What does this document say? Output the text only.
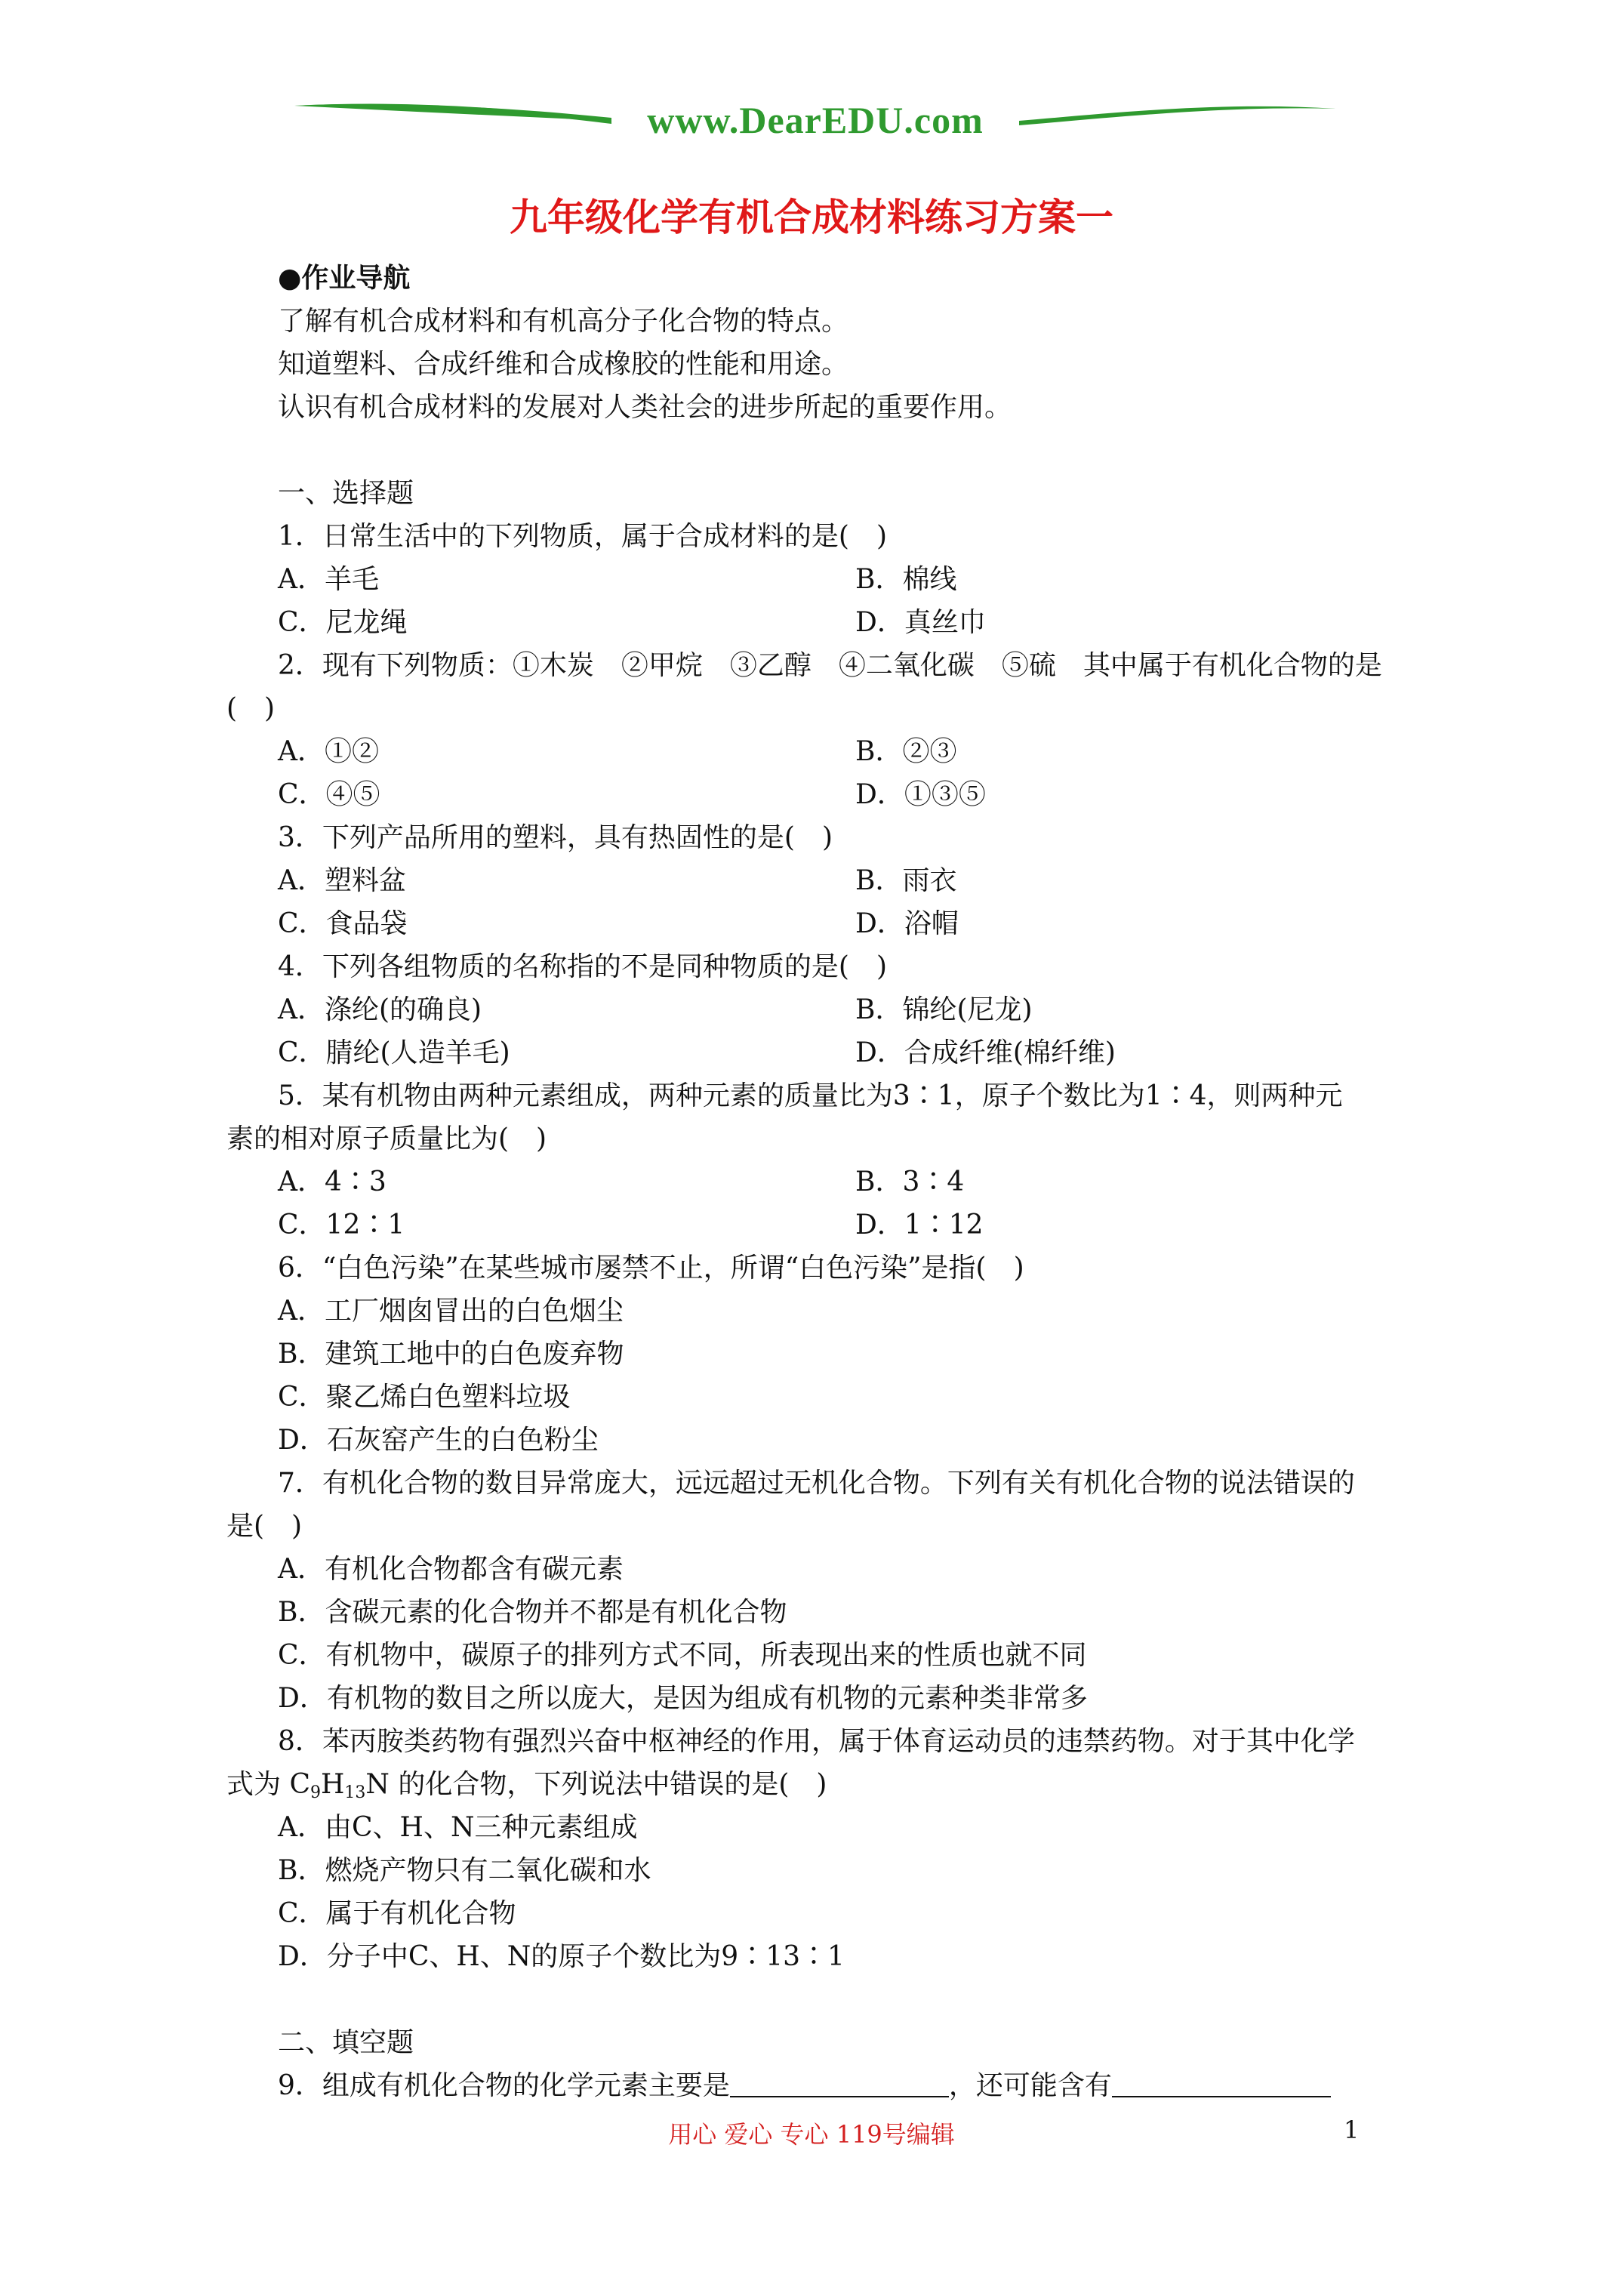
www.DearEDU.com
九年级化学有机合成材料练习方案一
●作业导航
了解有机合成材料和有机高分子化合物的特点。
知道塑料、合成纤维和合成橡胶的性能和用途。
认识有机合成材料的发展对人类社会的进步所起的重要作用。
一、选择题
1．日常生活中的下列物质，属于合成材料的是(　)
A．羊毛	B．棉线
C．尼龙绳	D．真丝巾
2．现有下列物质：①木炭　②甲烷　③乙醇　④二氧化碳　⑤硫　其中属于有机化合物的是
(　)
A．①②	B．②③
C．④⑤	D．①③⑤
3．下列产品所用的塑料，具有热固性的是(　)
A．塑料盆	B．雨衣
C．食品袋	D．浴帽
4．下列各组物质的名称指的不是同种物质的是(　)
A．涤纶(的确良)	B．锦纶(尼龙)
C．腈纶(人造羊毛)	D．合成纤维(棉纤维)
5．某有机物由两种元素组成，两种元素的质量比为3∶1，原子个数比为1∶4，则两种元
素的相对原子质量比为(　)
A．4∶3	B．3∶4
C．12∶1	D．1∶12
6．“白色污染”在某些城市屡禁不止，所谓“白色污染”是指(　)
A．工厂烟囱冒出的白色烟尘
B．建筑工地中的白色废弃物
C．聚乙烯白色塑料垃圾
D．石灰窑产生的白色粉尘
7．有机化合物的数目异常庞大，远远超过无机化合物。下列有关有机化合物的说法错误的
是(　)
A．有机化合物都含有碳元素
B．含碳元素的化合物并不都是有机化合物
C．有机物中，碳原子的排列方式不同，所表现出来的性质也就不同
D．有机物的数目之所以庞大，是因为组成有机物的元素种类非常多
8．苯丙胺类药物有强烈兴奋中枢神经的作用，属于体育运动员的违禁药物。对于其中化学
式为 $C_9H_{13}N$ 的化合物，下列说法中错误的是(　)
A．由C、H、N三种元素组成
B．燃烧产物只有二氧化碳和水
C．属于有机化合物
D．分子中C、H、N的原子个数比为9∶13∶1
二、填空题
9．组成有机化合物的化学元素主要是	，还可能含有
用心 爱心 专心 119号编辑	1
